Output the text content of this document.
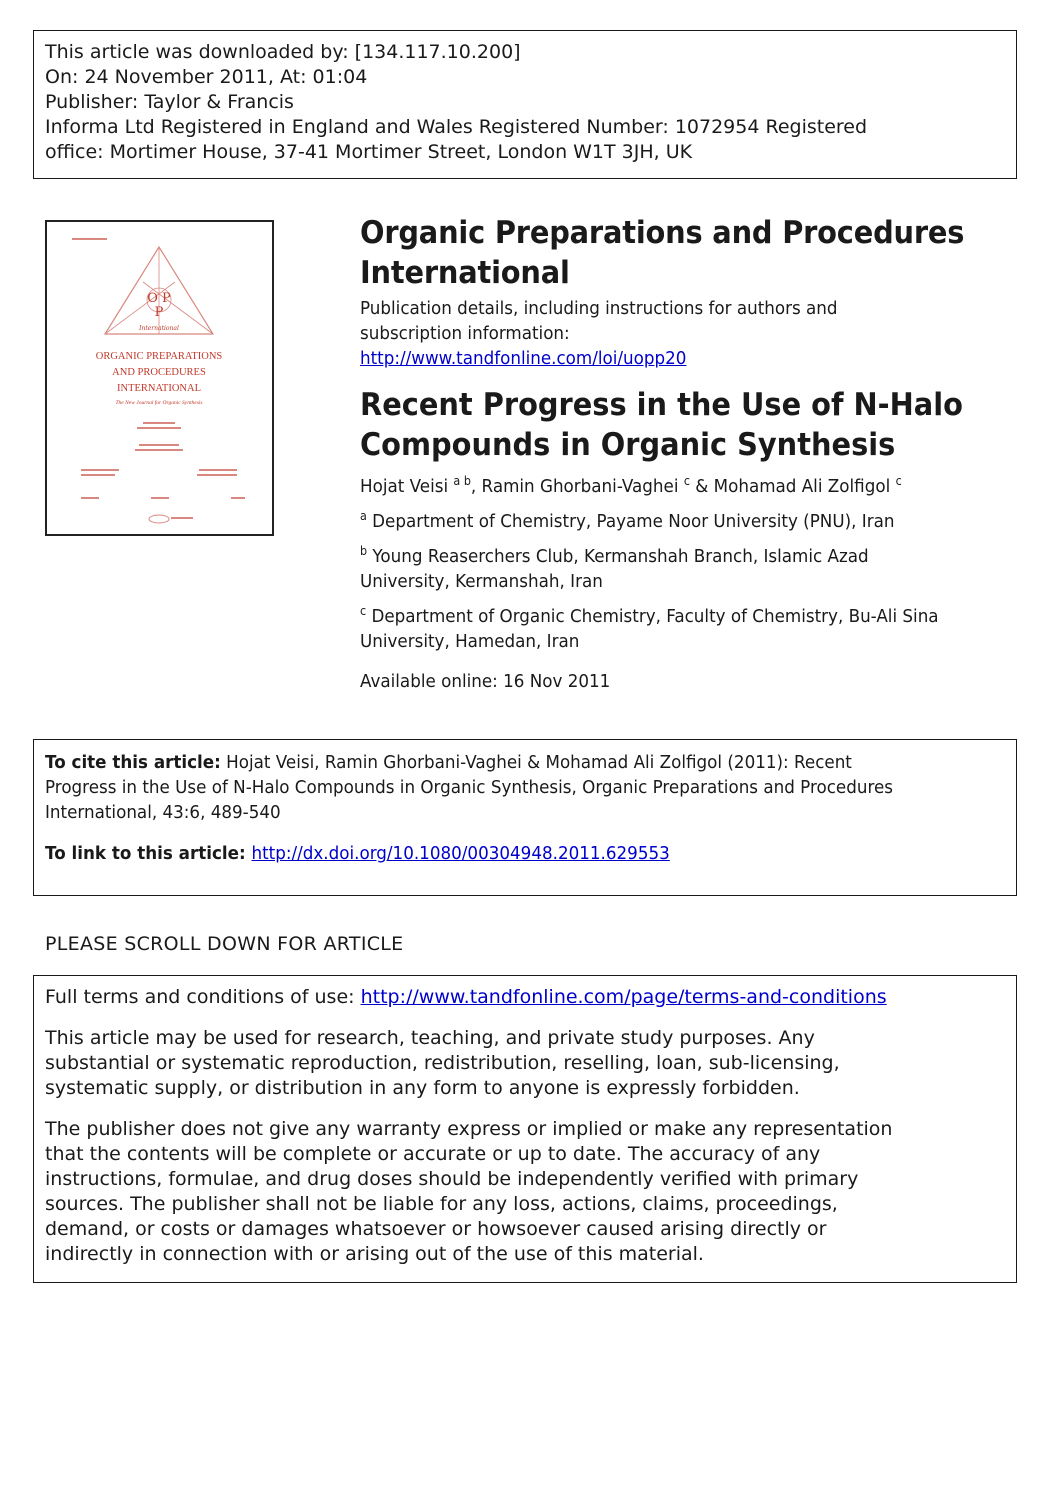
This article was downloaded by: [134.117.10.200]
On: 24 November 2011, At: 01:04
Publisher: Taylor & Francis
Informa Ltd Registered in England and Wales Registered Number: 1072954 Registered
office: Mortimer House, 37-41 Mortimer Street, London W1T 3JH, UK
O P
P
International
ORGANIC PREPARATIONS
AND PROCEDURES
INTERNATIONAL
The New Journal for Organic Synthesis
Organic Preparations and Procedures
International
Publication details, including instructions for authors and
subscription information:
http://www.tandfonline.com/loi/uopp20
Recent Progress in the Use of N-Halo
Compounds in Organic Synthesis
Hojat Veisi $^{a b}$, Ramin Ghorbani-Vaghei $^c$ & Mohamad Ali Zolfigol $^c$
$^a$ Department of Chemistry, Payame Noor University (PNU), Iran
$^b$ Young Reaserchers Club, Kermanshah Branch, Islamic Azad
University, Kermanshah, Iran
$^c$ Department of Organic Chemistry, Faculty of Chemistry, Bu-Ali Sina
University, Hamedan, Iran
Available online: 16 Nov 2011
To cite this article: Hojat Veisi, Ramin Ghorbani-Vaghei & Mohamad Ali Zolfigol (2011): Recent
Progress in the Use of N-Halo Compounds in Organic Synthesis, Organic Preparations and Procedures
International, 43:6, 489-540
To link to this article: http://dx.doi.org/10.1080/00304948.2011.629553
PLEASE SCROLL DOWN FOR ARTICLE

Full terms and conditions of use: http://www.tandfonline.com/page/terms-and-conditions

This article may be used for research, teaching, and private study purposes. Any
substantial or systematic reproduction, redistribution, reselling, loan, sub-licensing,
systematic supply, or distribution in any form to anyone is expressly forbidden.

The publisher does not give any warranty express or implied or make any representation
that the contents will be complete or accurate or up to date. The accuracy of any
instructions, formulae, and drug doses should be independently verified with primary
sources. The publisher shall not be liable for any loss, actions, claims, proceedings,
demand, or costs or damages whatsoever or howsoever caused arising directly or
indirectly in connection with or arising out of the use of this material.
